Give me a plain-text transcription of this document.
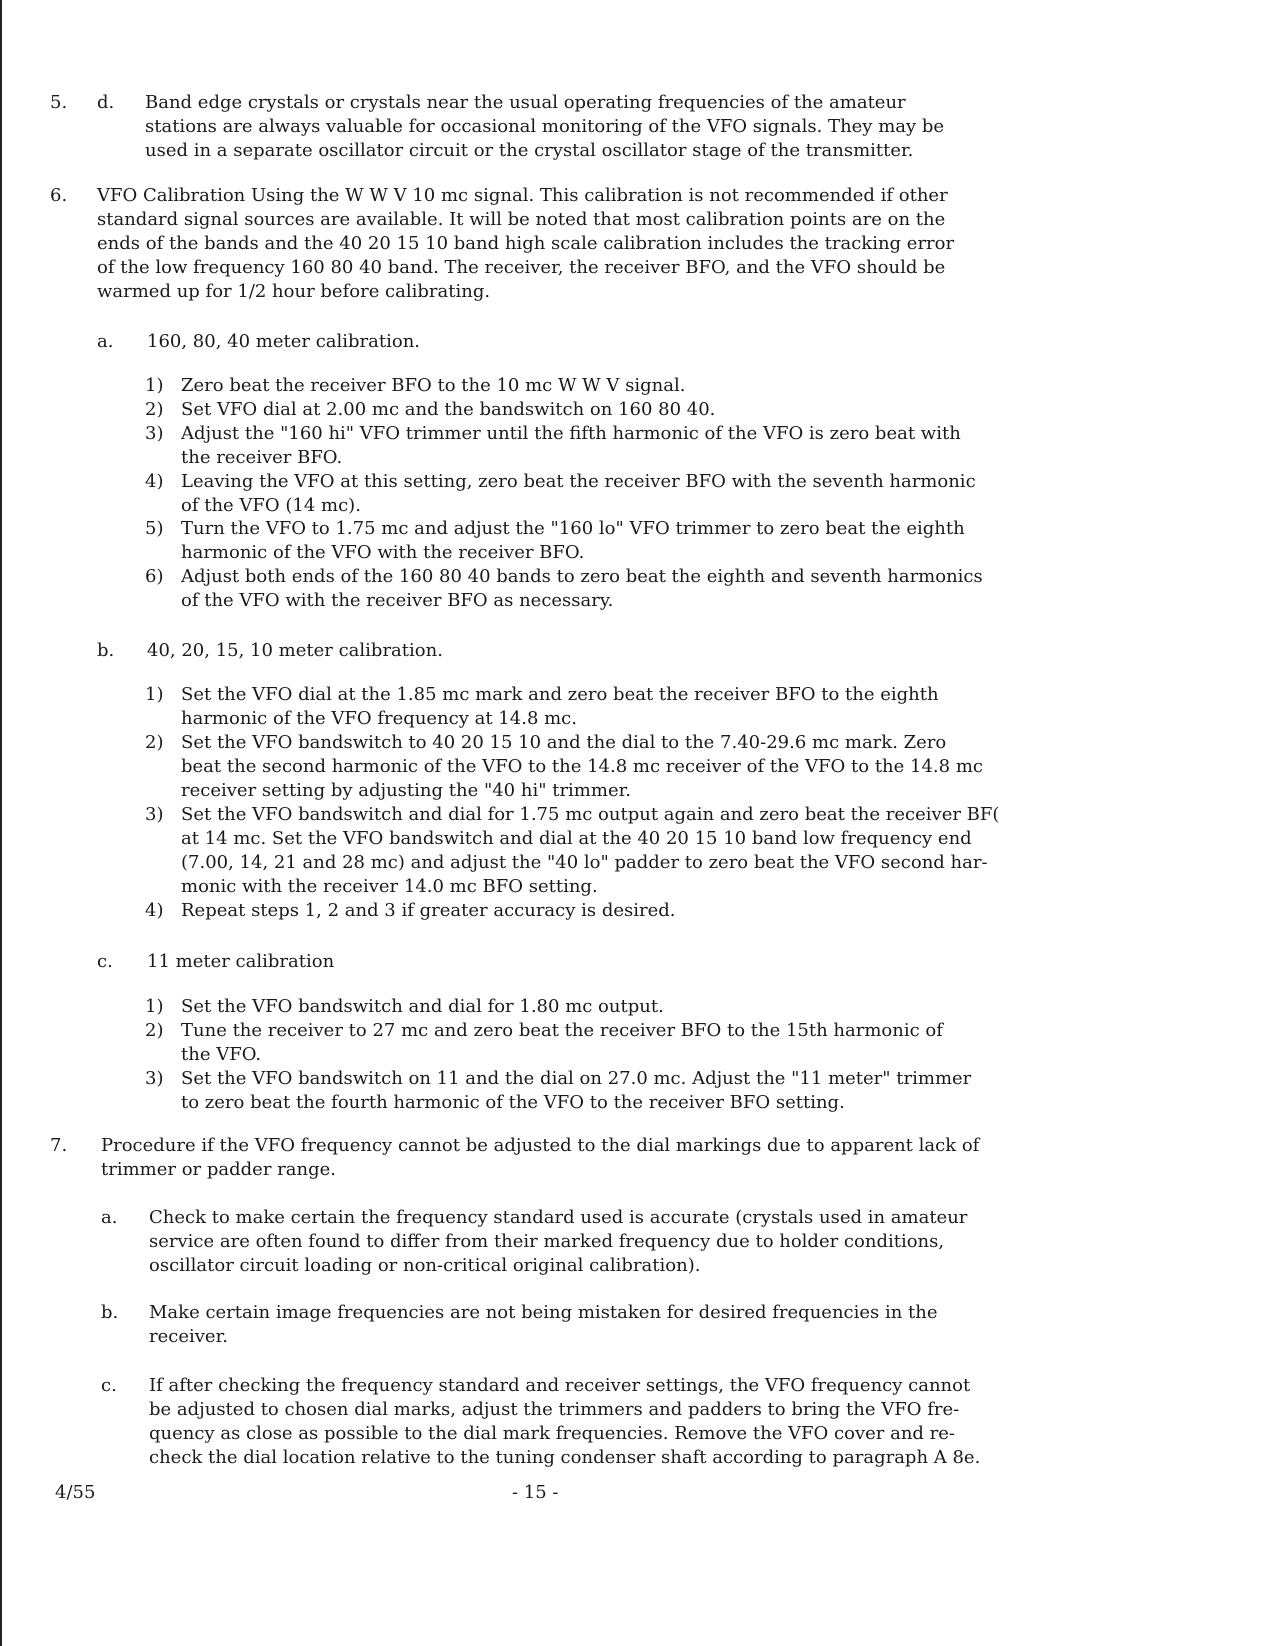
5. d. Band edge crystals or crystals near the usual operating frequencies of the amateur
stations are always valuable for occasional monitoring of the VFO signals. They may be
used in a separate oscillator circuit or the crystal oscillator stage of the transmitter.
6. VFO Calibration Using the W W V 10 mc signal. This calibration is not recommended if other
standard signal sources are available. It will be noted that most calibration points are on the
ends of the bands and the 40 20 15 10 band high scale calibration includes the tracking error
of the low frequency 160 80 40 band. The receiver, the receiver BFO, and the VFO should be
warmed up for 1/2 hour before calibrating.
a. 160, 80, 40 meter calibration.
1) Zero beat the receiver BFO to the 10 mc W W V signal.
2) Set VFO dial at 2.00 mc and the bandswitch on 160 80 40.
3) Adjust the "160 hi" VFO trimmer until the fifth harmonic of the VFO is zero beat with
the receiver BFO.
4) Leaving the VFO at this setting, zero beat the receiver BFO with the seventh harmonic
of the VFO (14 mc).
5) Turn the VFO to 1.75 mc and adjust the "160 lo" VFO trimmer to zero beat the eighth
harmonic of the VFO with the receiver BFO.
6) Adjust both ends of the 160 80 40 bands to zero beat the eighth and seventh harmonics
of the VFO with the receiver BFO as necessary.
b. 40, 20, 15, 10 meter calibration.
1) Set the VFO dial at the 1.85 mc mark and zero beat the receiver BFO to the eighth
harmonic of the VFO frequency at 14.8 mc.
2) Set the VFO bandswitch to 40 20 15 10 and the dial to the 7.40-29.6 mc mark. Zero
beat the second harmonic of the VFO to the 14.8 mc receiver of the VFO to the 14.8 mc
receiver setting by adjusting the "40 hi" trimmer.
3) Set the VFO bandswitch and dial for 1.75 mc output again and zero beat the receiver BF(
at 14 mc. Set the VFO bandswitch and dial at the 40 20 15 10 band low frequency end
(7.00, 14, 21 and 28 mc) and adjust the "40 lo" padder to zero beat the VFO second har-
monic with the receiver 14.0 mc BFO setting.
4) Repeat steps 1, 2 and 3 if greater accuracy is desired.
c. 11 meter calibration
1) Set the VFO bandswitch and dial for 1.80 mc output.
2) Tune the receiver to 27 mc and zero beat the receiver BFO to the 15th harmonic of
the VFO.
3) Set the VFO bandswitch on 11 and the dial on 27.0 mc. Adjust the "11 meter" trimmer
to zero beat the fourth harmonic of the VFO to the receiver BFO setting.
7. Procedure if the VFO frequency cannot be adjusted to the dial markings due to apparent lack of
trimmer or padder range.
a. Check to make certain the frequency standard used is accurate (crystals used in amateur
service are often found to differ from their marked frequency due to holder conditions,
oscillator circuit loading or non-critical original calibration).
b. Make certain image frequencies are not being mistaken for desired frequencies in the
receiver.
c. If after checking the frequency standard and receiver settings, the VFO frequency cannot
be adjusted to chosen dial marks, adjust the trimmers and padders to bring the VFO fre-
quency as close as possible to the dial mark frequencies. Remove the VFO cover and re-
check the dial location relative to the tuning condenser shaft according to paragraph A 8e.
4/55	- 15 -
